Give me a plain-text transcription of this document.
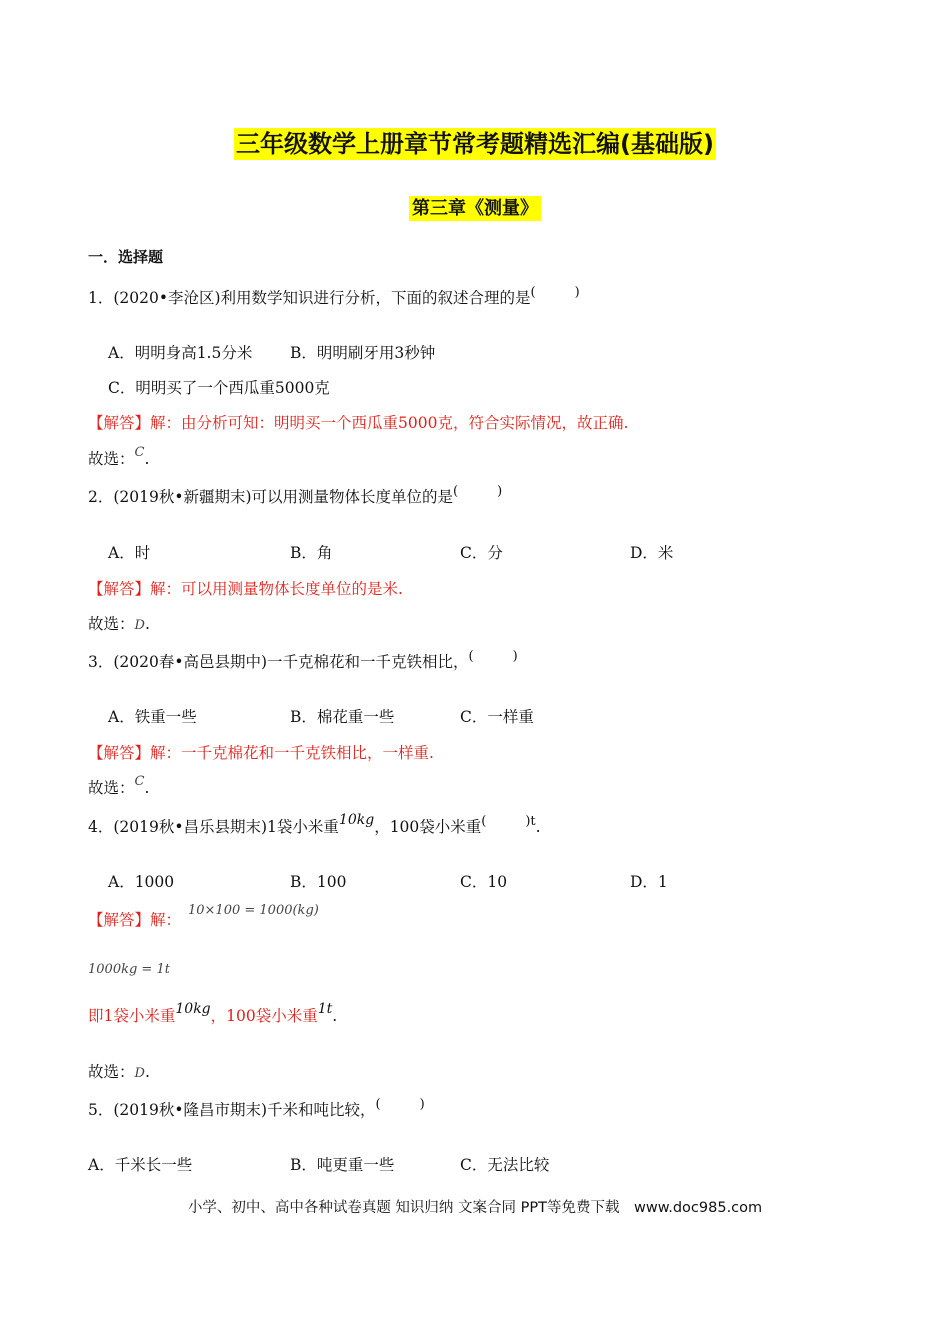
三年级数学上册章节常考题精选汇编(基础版)
第三章《测量》
一．选择题
1．(2020•李沧区)利用数学知识进行分析，下面的叙述合理的是(　　　)
A．明明身高1.5分米 B．明明刷牙用3秒钟
C．明明买了一个西瓜重5000克
【解答】解：由分析可知：明明买一个西瓜重5000克，符合实际情况，故正确.
故选：$^C$.
2．(2019秋•新疆期末)可以用测量物体长度单位的是(　　　)
A．时	B．角	C．分	D．米
【解答】解：可以用测量物体长度单位的是米.
故选：D.
3．(2020春•高邑县期中)一千克棉花和一千克铁相比，(　　　)
A．铁重一些	B．棉花重一些	C．一样重
【解答】解：一千克棉花和一千克铁相比，一样重.
故选：$^C$.
4．(2019秋•昌乐县期末)1袋小米重10kg，100袋小米重$^{( )t}$.
A．1000	B．100	C．10	D．1
【解答】解：
10×100 = 1000(kg)
1000kg = 1t
即1袋小米重10kg，100袋小米重1t.
故选：D.
5．(2019秋•隆昌市期末)千米和吨比较，(　　　)
A．千米长一些	B．吨更重一些	C．无法比较
小学、初中、高中各种试卷真题 知识归纳 文案合同 PPT等免费下载　www.doc985.com
